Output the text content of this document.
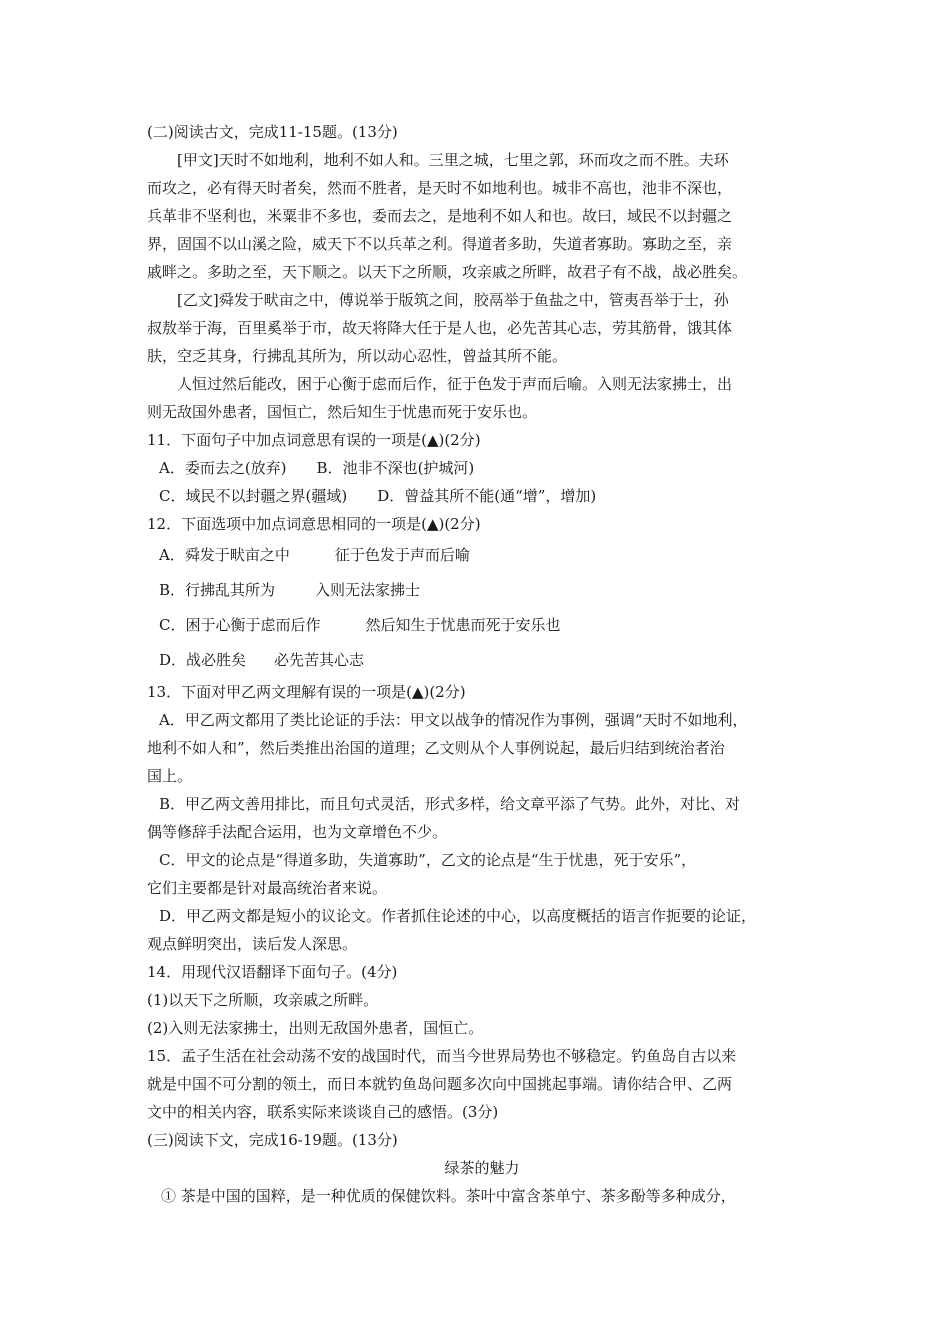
(二)阅读古文，完成11-15题。(13分)
[甲文]天时不如地利，地利不如人和。三里之城，七里之郭，环而攻之而不胜。夫环
而攻之，必有得天时者矣，然而不胜者，是天时不如地利也。城非不高也，池非不深也，
兵革非不坚利也，米粟非不多也，委而去之，是地利不如人和也。故曰，域民不以封疆之
界，固国不以山溪之险，威天下不以兵革之利。得道者多助，失道者寡助。寡助之至，亲
戚畔之。多助之至，天下顺之。以天下之所顺，攻亲戚之所畔，故君子有不战，战必胜矣。
[乙文]舜发于畎亩之中，傅说举于版筑之间，胶鬲举于鱼盐之中，管夷吾举于士，孙
叔敖举于海，百里奚举于市，故天将降大任于是人也，必先苦其心志，劳其筋骨，饿其体
肤，空乏其身，行拂乱其所为，所以动心忍性，曾益其所不能。
人恒过然后能改，困于心衡于虑而后作，征于色发于声而后喻。入则无法家拂士，出
则无敌国外患者，国恒亡，然后知生于忧患而死于安乐也。
11．下面句子中加点词意思有误的一项是(▲)(2分)
A．委而去之(放弃) B．池非不深也(护城河)
C．域民不以封疆之界(疆域) D．曾益其所不能(通“增”，增加)
12．下面选项中加点词意思相同的一项是(▲)(2分)
A．舜发于畎亩之中	征于色发于声而后喻
B．行拂乱其所为	入则无法家拂士
C．困于心衡于虑而后作	然后知生于忧患而死于安乐也
D．战必胜矣 必先苦其心志
13．下面对甲乙两文理解有误的一项是(▲)(2分)
A．甲乙两文都用了类比论证的手法：甲文以战争的情况作为事例，强调“天时不如地利，
地利不如人和”，然后类推出治国的道理；乙文则从个人事例说起，最后归结到统治者治
国上。
B．甲乙两文善用排比，而且句式灵活，形式多样，给文章平添了气势。此外，对比、对
偶等修辞手法配合运用，也为文章增色不少。
C．甲文的论点是“得道多助，失道寡助”，乙文的论点是“生于忧患，死于安乐”，
它们主要都是针对最高统治者来说。
D．甲乙两文都是短小的议论文。作者抓住论述的中心，以高度概括的语言作扼要的论证，
观点鲜明突出，读后发人深思。
14．用现代汉语翻译下面句子。(4分)
(1)以天下之所顺，攻亲戚之所畔。
(2)入则无法家拂士，出则无敌国外患者，国恒亡。
15．孟子生活在社会动荡不安的战国时代，而当今世界局势也不够稳定。钓鱼岛自古以来
就是中国不可分割的领土，而日本就钓鱼岛问题多次向中国挑起事端。请你结合甲、乙两
文中的相关内容，联系实际来谈谈自己的感悟。(3分)
(三)阅读下文，完成16-19题。(13分)
绿茶的魅力
① 茶是中国的国粹，是一种优质的保健饮料。茶叶中富含茶单宁、茶多酚等多种成分，
